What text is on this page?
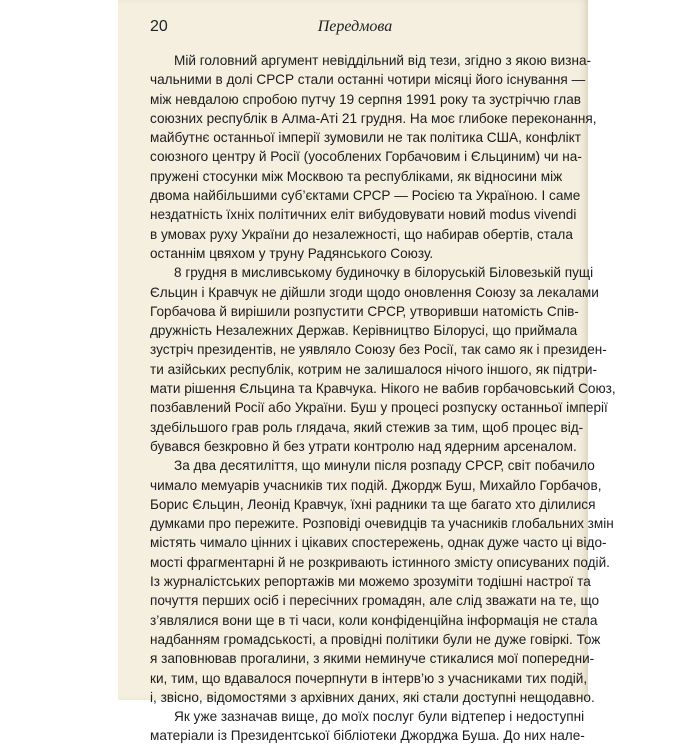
20	Передмова
Мій головний аргумент невіддільний від тези, згідно з якою визна-
чальними в долі СРСР стали останні чотири місяці його існування —
між невдалою спробою путчу 19 серпня 1991 року та зустріччю глав
союзних республік в Алма-Аті 21 грудня. На моє глибоке переконання,
майбутнє останньої імперії зумовили не так політика США, конфлікт
союзного центру й Росії (уособлених Горбачовим і Єльциним) чи на-
пружені стосунки між Москвою та республіками, як відносини між
двома найбільшими суб’єктами СРСР — Росією та Україною. І саме
нездатність їхніх політичних еліт вибудовувати новий modus vivendi
в умовах руху України до незалежності, що набирав обертів, стала
останнім цвяхом у труну Радянського Союзу.
8 грудня в мисливському будиночку в білоруській Біловезькій пущі
Єльцин і Кравчук не дійшли згоди щодо оновлення Союзу за лекалами
Горбачова й вирішили розпустити СРСР, утворивши натомість Спів-
дружність Незалежних Держав. Керівництво Білорусі, що приймала
зустріч президентів, не уявляло Союзу без Росії, так само як і президен-
ти азійських республік, котрим не залишалося нічого іншого, як підтри-
мати рішення Єльцина та Кравчука. Нікого не вабив горбачовський Союз,
позбавлений Росії або України. Буш у процесі розпуску останньої імперії
здебільшого грав роль глядача, який стежив за тим, щоб процес від-
бувався безкровно й без утрати контролю над ядерним арсеналом.
За два десятиліття, що минули після розпаду СРСР, світ побачило
чимало мемуарів учасників тих подій. Джордж Буш, Михайло Горбачов,
Борис Єльцин, Леонід Кравчук, їхні радники та ще багато хто ділилися
думками про пережите. Розповіді очевидців та учасників глобальних змін
містять чимало цінних і цікавих спостережень, однак дуже часто ці відо-
мості фрагментарні й не розкривають істинного змісту описуваних подій.
Із журналістських репортажів ми можемо зрозуміти тодішні настрої та
почуття перших осіб і пересічних громадян, але слід зважати на те, що
з’являлися вони ще в ті часи, коли конфіденційна інформація не стала
надбанням громадськості, а провідні політики були не дуже говіркі. Тож
я заповнював прогалини, з якими неминуче стикалися мої попередни-
ки, тим, що вдавалося почерпнути в інтерв’ю з учасниками тих подій,
і, звісно, відомостями з архівних даних, які стали доступні нещодавно.
Як уже зазначав вище, до моїх послуг були відтепер і недоступні
матеріали із Президентської бібліотеки Джорджа Буша. До них нале-
